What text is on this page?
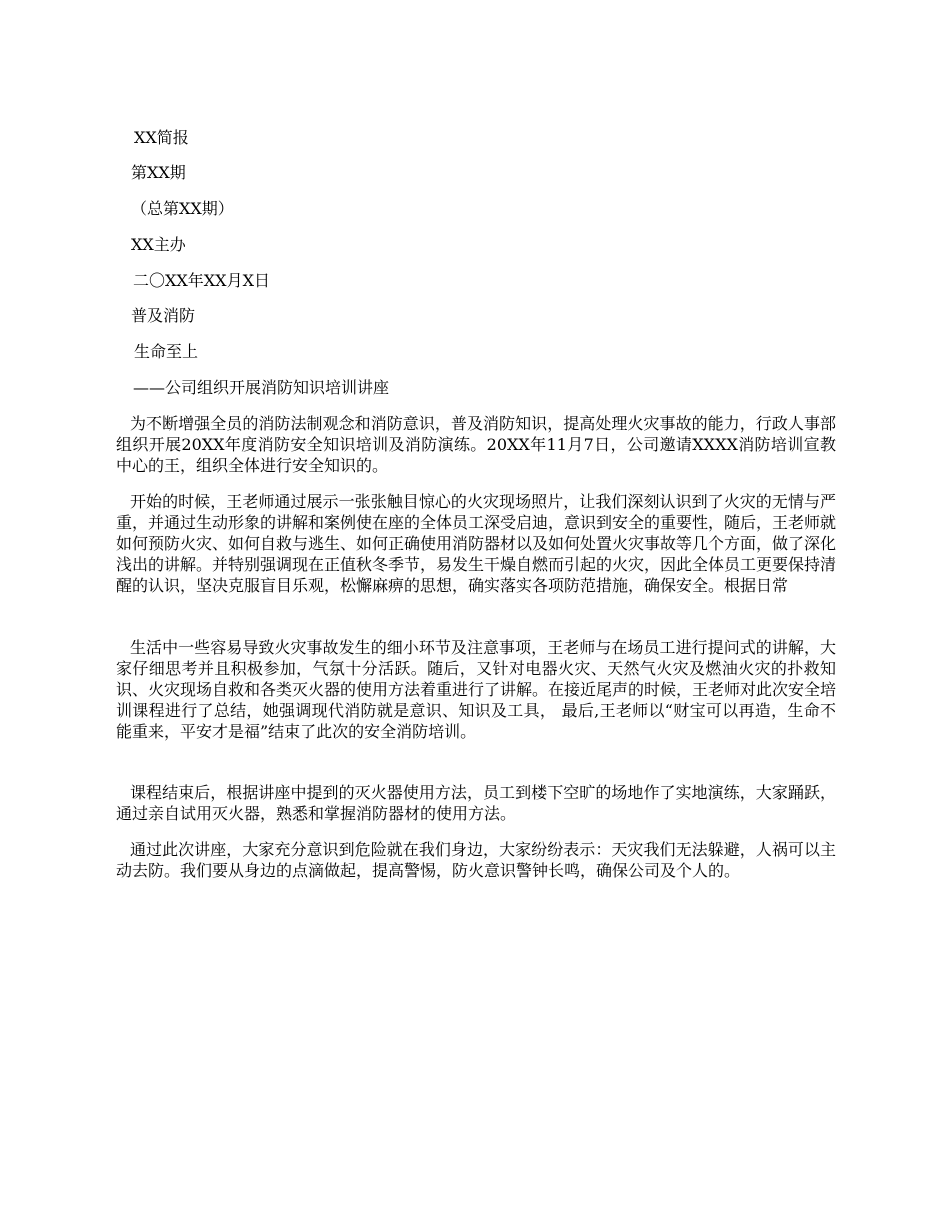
XX简报
第XX期
（总第XX期）
XX主办
二〇XX年XX月X日
普及消防
生命至上
——公司组织开展消防知识培训讲座
为不断增强全员的消防法制观念和消防意识，普及消防知识，提高处理火灾事故的能力，行政人事部组织开展20XX年度消防安全知识培训及消防演练。20XX年11月7日，公司邀请XXXX消防培训宣教中心的王，组织全体进行安全知识的。
开始的时候，王老师通过展示一张张触目惊心的火灾现场照片，让我们深刻认识到了火灾的无情与严重，并通过生动形象的讲解和案例使在座的全体员工深受启迪，意识到安全的重要性，随后，王老师就如何预防火灾、如何自救与逃生、如何正确使用消防器材以及如何处置火灾事故等几个方面，做了深化浅出的讲解。并特别强调现在正值秋冬季节，易发生干燥自燃而引起的火灾，因此全体员工更要保持清醒的认识，坚决克服盲目乐观，松懈麻痹的思想，确实落实各项防范措施，确保安全。根据日常
生活中一些容易导致火灾事故发生的细小环节及注意事项，王老师与在场员工进行提问式的讲解，大家仔细思考并且积极参加，气氛十分活跃。随后，又针对电器火灾、天然气火灾及燃油火灾的扑救知识、火灾现场自救和各类灭火器的使用方法着重进行了讲解。在接近尾声的时候，王老师对此次安全培训课程进行了总结，她强调现代消防就是意识、知识及工具， 最后,王老师以“财宝可以再造，生命不能重来，平安才是福”结束了此次的安全消防培训。
课程结束后，根据讲座中提到的灭火器使用方法，员工到楼下空旷的场地作了实地演练，大家踊跃，通过亲自试用灭火器，熟悉和掌握消防器材的使用方法。
通过此次讲座，大家充分意识到危险就在我们身边，大家纷纷表示：天灾我们无法躲避，人祸可以主动去防。我们要从身边的点滴做起，提高警惕，防火意识警钟长鸣，确保公司及个人的。
